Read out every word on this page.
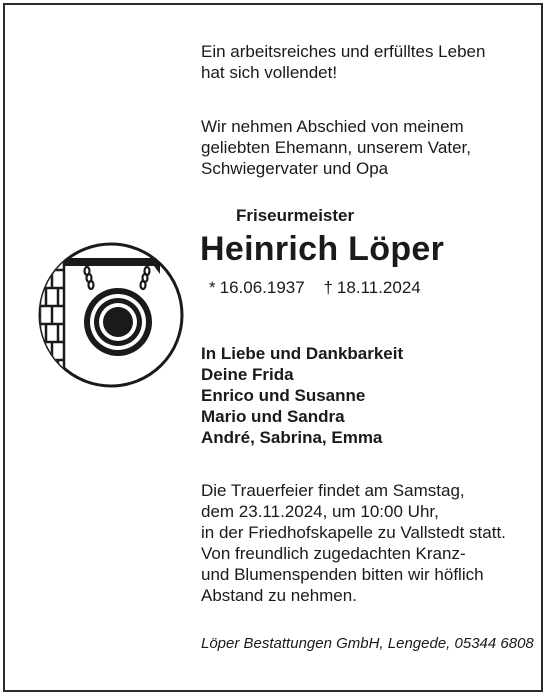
Ein arbeitsreiches und erfülltes Leben
hat sich vollendet!
Wir nehmen Abschied von meinem
geliebten Ehemann, unserem Vater,
Schwiegervater und Opa
Friseurmeister
Heinrich Löper
* 16.06.1937 † 18.11.2024
In Liebe und Dankbarkeit
Deine Frida
Enrico und Susanne
Mario und Sandra
André, Sabrina, Emma
Die Trauerfeier findet am Samstag,
dem 23.11.2024, um 10:00 Uhr,
in der Friedhofskapelle zu Vallstedt statt.
Von freundlich zugedachten Kranz-
und Blumenspenden bitten wir höflich
Abstand zu nehmen.
Löper Bestattungen GmbH, Lengede, 05344 6808
